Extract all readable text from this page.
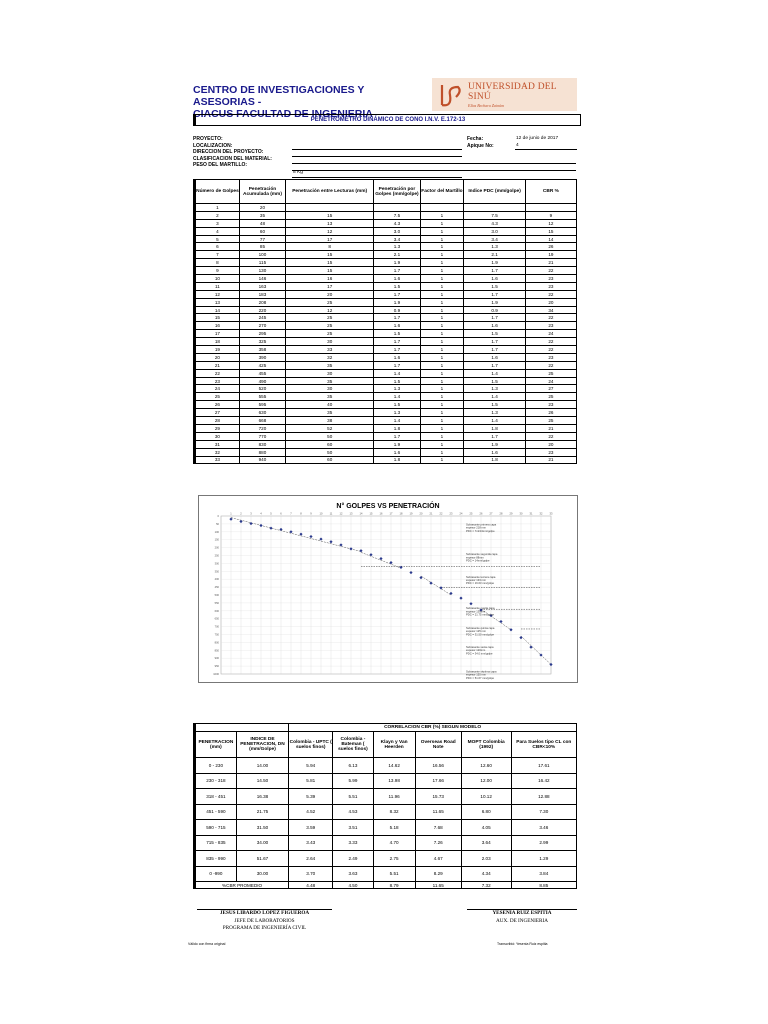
CENTRO DE INVESTIGACIONES Y ASESORIAS -
CIACUS FACULTAD DE INGENIERIA
UNIVERSIDAD DEL SINÚ
Elías Bechara Zainúm
PENETRÓMETRO DINÁMICO DE CONO I.N.V. E.172-13
PROYECTO:
LOCALIZACION:
DIRECCION DEL PROYECTO:
CLASIFICACION DEL MATERIAL:
PESO DEL MARTILLO:
8 Kg
Fecha:
Apique No:
12 de junio de 2017
4
Número de Golpes	Penetración Acumulada (mm)	Penetración entre Lecturas (mm)	Penetración por Golpes (mm/golpe)	Factor del Martillo	Indice PDC (mm/golpe)	CBR %
1	20					
2	35	15	7.5	1	7.5	9
3	48	13	4.3	1	4.3	12
4	60	12	3.0	1	3.0	15
5	77	17	3.4	1	3.4	14
6	85	8	1.3	1	1.3	26
7	100	15	2.1	1	2.1	19
8	115	15	1.9	1	1.9	21
9	130	15	1.7	1	1.7	22
10	146	16	1.6	1	1.6	23
11	163	17	1.5	1	1.5	23
12	183	20	1.7	1	1.7	22
13	208	25	1.9	1	1.9	20
14	220	12	0.9	1	0.9	34
15	245	25	1.7	1	1.7	22
16	270	25	1.6	1	1.6	23
17	295	25	1.5	1	1.5	24
18	325	30	1.7	1	1.7	22
19	358	33	1.7	1	1.7	22
20	390	32	1.6	1	1.6	23
21	425	35	1.7	1	1.7	22
22	455	30	1.4	1	1.4	25
23	490	35	1.5	1	1.5	24
24	520	30	1.3	1	1.3	27
25	555	35	1.4	1	1.4	25
26	595	40	1.5	1	1.5	23
27	630	35	1.3	1	1.3	26
28	668	38	1.4	1	1.4	25
29	720	52	1.8	1	1.8	21
30	770	50	1.7	1	1.7	22
31	830	60	1.9	1	1.9	20
32	880	50	1.6	1	1.6	23
33	940	60	1.8	1	1.8	21
N° GOLPES VS PENETRACIÓN
1	2	3	4	5	6	7	8	9	10	11	12	13	14	15	16	17	18	19	20	21	22	23	24	25	26	27	28	29	30	31	32	33
0
50
100
150
200
250
300
350
400
450
500
550
600
650
700
750
800
850
900
950
1000
Subrasante primera capa espesor 218 mm PDC = 7ml/13mm/golpe
Subrasante segunda capa espesor 88mm PDC = 14mm/golpe
Subrasante tercera capa espesor 133 mm PDC = 16.63 mm/golpe
Subrasante cuarta capa espesor 139mm PDC = 21.75 mm/golpe
Subrasante quinta capa espesor 125 mm PDC = 31.50 mm/golpe
Subrasante sexta capa espesor 120mm PDC = 34.0 mm/golpe
Subrasante séptima capa espesor 155 mm PDC = 51.67 mm/golpe
		CORRELACION CBR (%) SEGUN MODELO					
PENETRACION (mm)	INDICE DE PENETRACION, DN (mm/Golpe)	Colombia - UPTC ( suelos finos)	Colombia - Bateman ( suelos finos)	Klayn y Van Heerden	Overseas Road Note	MOPT Colombia (1992)	Para Suelos tipo CL con CBR<10%
0 - 230	14.00	5.94	6.13	14.62	16.56	12.60	17.61
230 - 318	14.50	5.81	5.99	13.98	17.66	12.00	16.42
318 - 451	16.38	5.39	5.51	11.96	15.73	10.12	12.88
451 - 590	21.75	4.52	4.53	8.32	11.65	6.80	7.30
590 - 715	31.50	3.59	3.51	5.18	7.68	4.05	3.46
715 - 835	34.00	3.43	3.33	4.70	7.26	3.64	2.99
835 - 990	51.67	2.64	2.49	2.75	4.67	2.03	1.29
0 -990	30.00	3.70	3.63	5.51	8.29	4.34	3.84
%CBR PROMEDIO		4.48	4.50	8.79	11.65	7.32	8.85
JESUS LIBARDO LOPEZ FIGUEROA
JEFE DE LABORATORIOS
PROGRAMA DE INGENIERÍA CIVIL
YESENIA RUIZ ESPITIA
AUX. DE INGENIERIA
Válido con firma original	Transcribió: Yesenia Ruiz espitia
